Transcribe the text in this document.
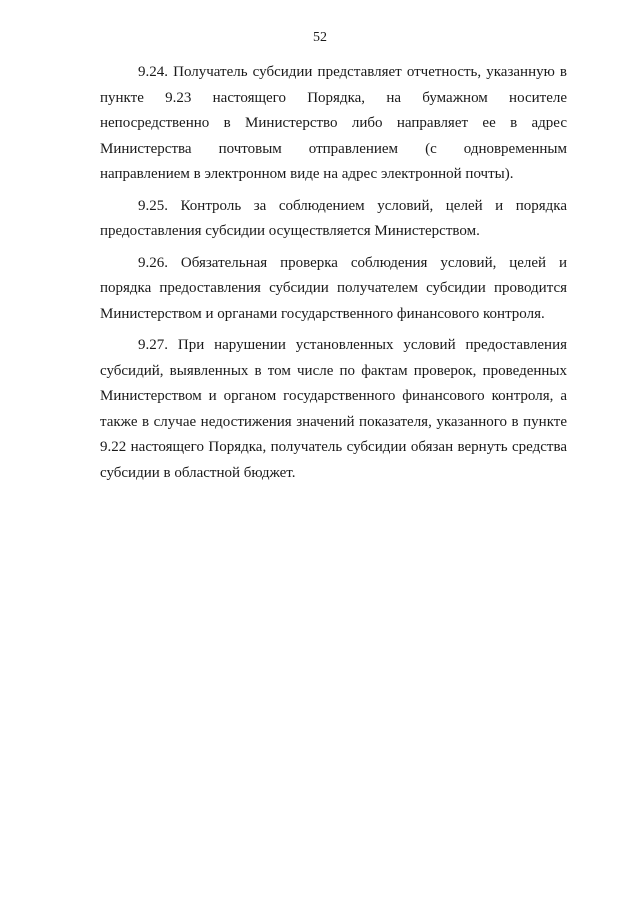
52

9.24. Получатель субсидии представляет отчетность, указанную в пункте 9.23 настоящего Порядка, на бумажном носителе непосредственно в Министерство либо направляет ее в адрес Министерства почтовым отправлением (с одновременным направлением в электронном виде на адрес электронной почты).

9.25. Контроль за соблюдением условий, целей и порядка предоставления субсидии осуществляется Министерством.

9.26. Обязательная проверка соблюдения условий, целей и порядка предоставления субсидии получателем субсидии проводится Министерством и органами государственного финансового контроля.

9.27. При нарушении установленных условий предоставления субсидий, выявленных в том числе по фактам проверок, проведенных Министерством и органом государственного финансового контроля, а также в случае недостижения значений показателя, указанного в пункте 9.22 настоящего Порядка, получатель субсидии обязан вернуть средства субсидии в областной бюджет.
